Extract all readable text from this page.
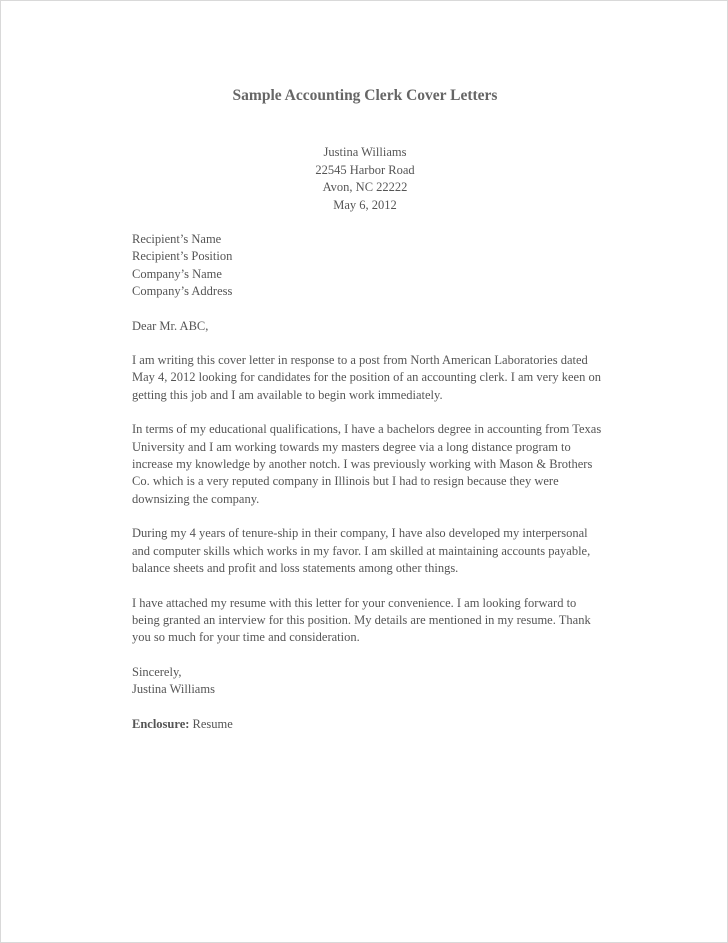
Sample Accounting Clerk Cover Letters
Justina Williams
22545 Harbor Road
Avon, NC 22222
May 6, 2012
Recipient’s Name
Recipient’s Position
Company’s Name
Company’s Address
Dear Mr. ABC,

I am writing this cover letter in response to a post from North American Laboratories dated May 4, 2012 looking for candidates for the position of an accounting clerk. I am very keen on getting this job and I am available to begin work immediately.

In terms of my educational qualifications, I have a bachelors degree in accounting from Texas University and I am working towards my masters degree via a long distance program to increase my knowledge by another notch. I was previously working with Mason & Brothers Co. which is a very reputed company in Illinois but I had to resign because they were downsizing the company.

During my 4 years of tenure-ship in their company, I have also developed my interpersonal and computer skills which works in my favor. I am skilled at maintaining accounts payable, balance sheets and profit and loss statements among other things.

I have attached my resume with this letter for your convenience. I am looking forward to being granted an interview for this position. My details are mentioned in my resume. Thank you so much for your time and consideration.

Sincerely,
Justina Williams
Enclosure: Resume
